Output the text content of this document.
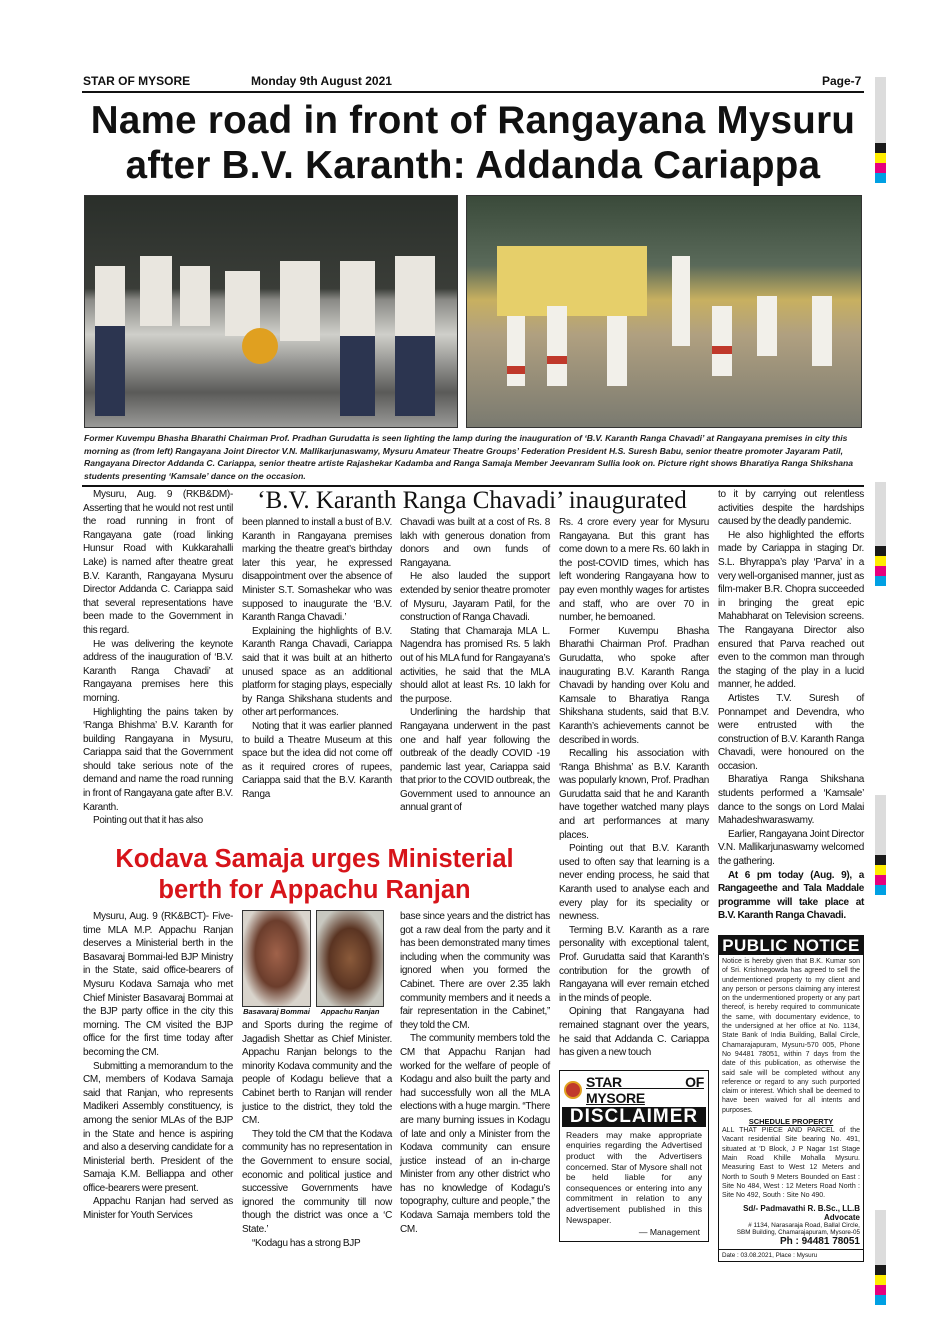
STAR OF MYSORE	Monday 9th August 2021	Page-7
Name road in front of Rangayana Mysuru
after B.V. Karanth: Addanda Cariappa
Former Kuvempu Bhasha Bharathi Chairman Prof. Pradhan Gurudatta is seen lighting the lamp during the inauguration of ‘B.V. Karanth Ranga Chavadi’ at Rangayana premises in city this morning as (from left) Rangayana Joint Director V.N. Mallikarjunaswamy, Mysuru Amateur Theatre Groups’ Federation President H.S. Suresh Babu, senior theatre promoter Jayaram Patil, Rangayana Director Addanda C. Cariappa, senior theatre artiste Rajashekar Kadamba and Ranga Samaja Member Jeevanram Sullia look on. Picture right shows Bharatiya Ranga Shikshana students presenting ‘Kamsale’ dance on the occasion.
‘B.V. Karanth Ranga Chavadi’ inaugurated

Mysuru, Aug. 9 (RKB&DM)- Asserting that he would not rest until the road running in front of Rangayana gate (road linking Hunsur Road with Kukkarahalli Lake) is named after theatre great B.V. Karanth, Rangayana Mysuru Director Addanda C. Cariappa said that several representations have been made to the Government in this regard.

He was delivering the keynote address of the inauguration of ‘B.V. Karanth Ranga Chavadi’ at Rangayana premises here this morning.

Highlighting the pains taken by ‘Ranga Bhishma’ B.V. Karanth for building Rangayana in Mysuru, Cariappa said that the Government should take serious note of the demand and name the road running in front of Rangayana gate after B.V. Karanth.

Pointing out that it has also

been planned to install a bust of B.V. Karanth in Rangayana premises marking the theatre great’s birthday later this year, he expressed disappointment over the absence of Minister S.T. Somashekar who was supposed to inaugurate the ‘B.V. Karanth Ranga Chavadi.’

Explaining the highlights of B.V. Karanth Ranga Chavadi, Cariappa said that it was built at an hitherto unused space as an additional platform for staging plays, especially by Ranga Shikshana students and other art performances.

Noting that it was earlier planned to build a Theatre Museum at this space but the idea did not come off as it required crores of rupees, Cariappa said that the B.V. Karanth Ranga

Chavadi was built at a cost of Rs. 8 lakh with generous donation from donors and own funds of Rangayana.

He also lauded the support extended by senior theatre promoter of Mysuru, Jayaram Patil, for the construction of Ranga Chavadi.

Stating that Chamaraja MLA L. Nagendra has promised Rs. 5 lakh out of his MLA fund for Rangayana’s activities, he said that the MLA should allot at least Rs. 10 lakh for the purpose.

Underlining the hardship that Rangayana underwent in the past one and half year following the outbreak of the deadly COVID -19 pandemic last year, Cariappa said that prior to the COVID outbreak, the Government used to announce an annual grant of

Rs. 4 crore every year for Mysuru Rangayana. But this grant has come down to a mere Rs. 60 lakh in the post-COVID times, which has left wondering Rangayana how to pay even monthly wages for artistes and staff, who are over 70 in number, he bemoaned.

Former Kuvempu Bhasha Bharathi Chairman Prof. Pradhan Gurudatta, who spoke after inaugurating B.V. Karanth Ranga Chavadi by handing over Kolu and Kamsale to Bharatiya Ranga Shikshana students, said that B.V. Karanth’s achievements cannot be described in words.

Recalling his association with ‘Ranga Bhishma’ as B.V. Karanth was popularly known, Prof. Pradhan Gurudatta said that he and Karanth have together watched many plays and art performances at many places.

Pointing out that B.V. Karanth used to often say that learning is a never ending process, he said that Karanth used to analyse each and every play for its speciality or newness.

Terming B.V. Karanth as a rare personality with exceptional talent, Prof. Gurudatta said that Karanth’s contribution for the growth of Rangayana will ever remain etched in the minds of people.

Opining that Rangayana had remained stagnant over the years, he said that Addanda C. Cariappa has given a new touch

STAR OF MYSORE
DISCLAIMER
Readers may make appropriate enquiries regarding the Advertised product with the Advertisers concerned. Star of Mysore shall not be held liable for any consequences or entering into any commitment in relation to any advertisement published in this Newspaper.
— Management

to it by carrying out relentless activities despite the hardships caused by the deadly pandemic.

He also highlighted the efforts made by Cariappa in staging Dr. S.L. Bhyrappa’s play ‘Parva’ in a very well-organised manner, just as film-maker B.R. Chopra succeeded in bringing the great epic Mahabharat on Television screens. The Rangayana Director also ensured that Parva reached out even to the common man through the staging of the play in a lucid manner, he added.

Artistes T.V. Suresh of Ponnampet and Devendra, who were entrusted with the construction of B.V. Karanth Ranga Chavadi, were honoured on the occasion.

Bharatiya Ranga Shikshana students performed a ‘Kamsale’ dance to the songs on Lord Malai Mahadeshwaraswamy.

Earlier, Rangayana Joint Director V.N. Mallikarjunaswamy welcomed the gathering.

At 6 pm today (Aug. 9), a Rangageethe and Tala Maddale programme will take place at B.V. Karanth Ranga Chavadi.

PUBLIC NOTICE
Notice is hereby given that B.K. Kumar son of Sri. Krishnegowda has agreed to sell the undermentioned property to my client and any person or persons claiming any interest on the undermentioned property or any part thereof, is hereby required to communicate the same, with documentary evidence, to the undersigned at her office at No. 1134, State Bank of India Building, Ballal Circle, Chamarajapuram, Mysuru-570 005, Phone No 94481 78051, within 7 days from the date of this publication, as otherwise the said sale will be completed without any reference or regard to any such purported claim or interest. Which shall be deemed to have been waived for all intents and purposes.
SCHEDULE PROPERTY
ALL THAT PIECE AND PARCEL of the Vacant residential Site bearing No. 491, situated at 'D Block, J P Nagar 1st Stage Main Road Khille Mohalla Mysuru. Measuring East to West 12 Meters and North to South 9 Meters Bounded on East : Site No 484, West : 12 Meters Road North : Site No 492, South : Site No 490.
Sd/- Padmavathi R. B.Sc., LL.B
Advocate
# 1134, Narasaraja Road, Ballal Circle,
SBM Building, Chamarajapuram, Mysore-05
Ph : 94481 78051
Date : 03.08.2021, Place : Mysuru
Kodava Samaja urges Ministerial
berth for Appachu Ranjan

Mysuru, Aug. 9 (RK&BCT)- Five-time MLA M.P. Appachu Ranjan deserves a Ministerial berth in the Basavaraj Bommai-led BJP Ministry in the State, said office-bearers of Mysuru Kodava Samaja who met Chief Minister Basavaraj Bommai at the BJP party office in the city this morning. The CM visited the BJP office for the first time today after becoming the CM.

Submitting a memorandum to the CM, members of Kodava Samaja said that Ranjan, who represents Madikeri Assembly constituency, is among the senior MLAs of the BJP in the State and hence is aspiring and also a deserving candidate for a Ministerial berth. President of the Samaja K.M. Belliappa and other office-bearers were present.

Appachu Ranjan had served as Minister for Youth Services

Basavaraj Bommai Appachu Ranjan

and Sports during the regime of Jagadish Shettar as Chief Minister. Appachu Ranjan belongs to the minority Kodava community and the people of Kodagu believe that a Cabinet berth to Ranjan will render justice to the district, they told the CM.

They told the CM that the Kodava community has no representation in the Government to ensure social, economic and political justice and successive Governments have ignored the community till now though the district was once a ‘C State.’

“Kodagu has a strong BJP

base since years and the district has got a raw deal from the party and it has been demonstrated many times including when the community was ignored when you formed the Cabinet. There are over 2.35 lakh community members and it needs a fair representation in the Cabinet,” they told the CM.

The community members told the CM that Appachu Ranjan had worked for the welfare of people of Kodagu and also built the party and had successfully won all the MLA elections with a huge margin. “There are many burning issues in Kodagu of late and only a Minister from the Kodava community can ensure justice instead of an in-charge Minister from any other district who has no knowledge of Kodagu’s topography, culture and people,” the Kodava Samaja members told the CM.
